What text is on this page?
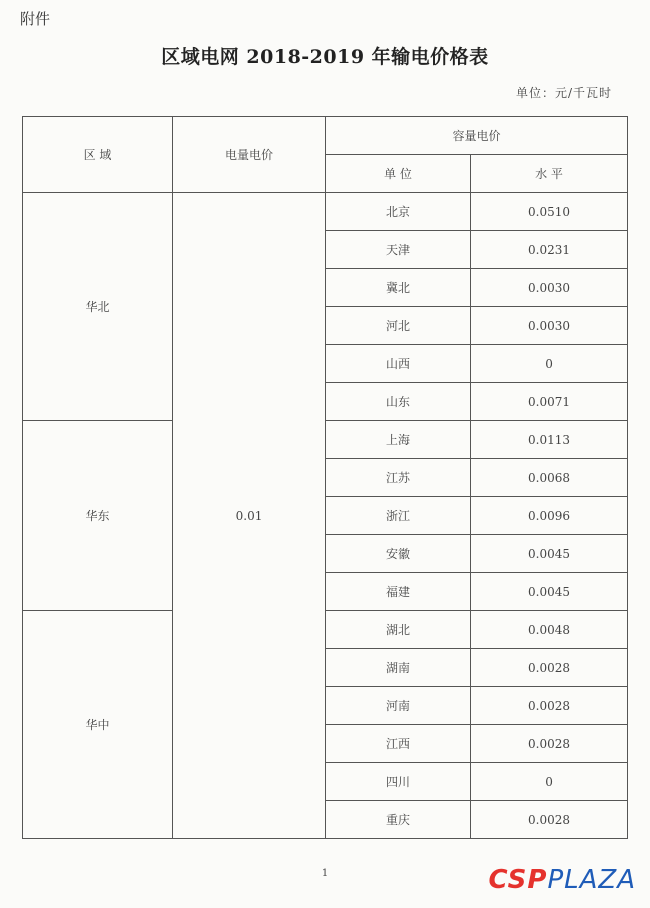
附件
区域电网 2018-2019 年输电价格表
单位：元/千瓦时
区 域	电量电价	容量电价	
		单 位	水 平
华北	0.01	北京	0.0510
		天津	0.0231
		冀北	0.0030
		河北	0.0030
		山西	0
		山东	0.0071
华东		上海	0.0113
		江苏	0.0068
		浙江	0.0096
		安徽	0.0045
		福建	0.0045
华中		湖北	0.0048
		湖南	0.0028
		河南	0.0028
		江西	0.0028
		四川	0
		重庆	0.0028
1	CSPPLAZA
